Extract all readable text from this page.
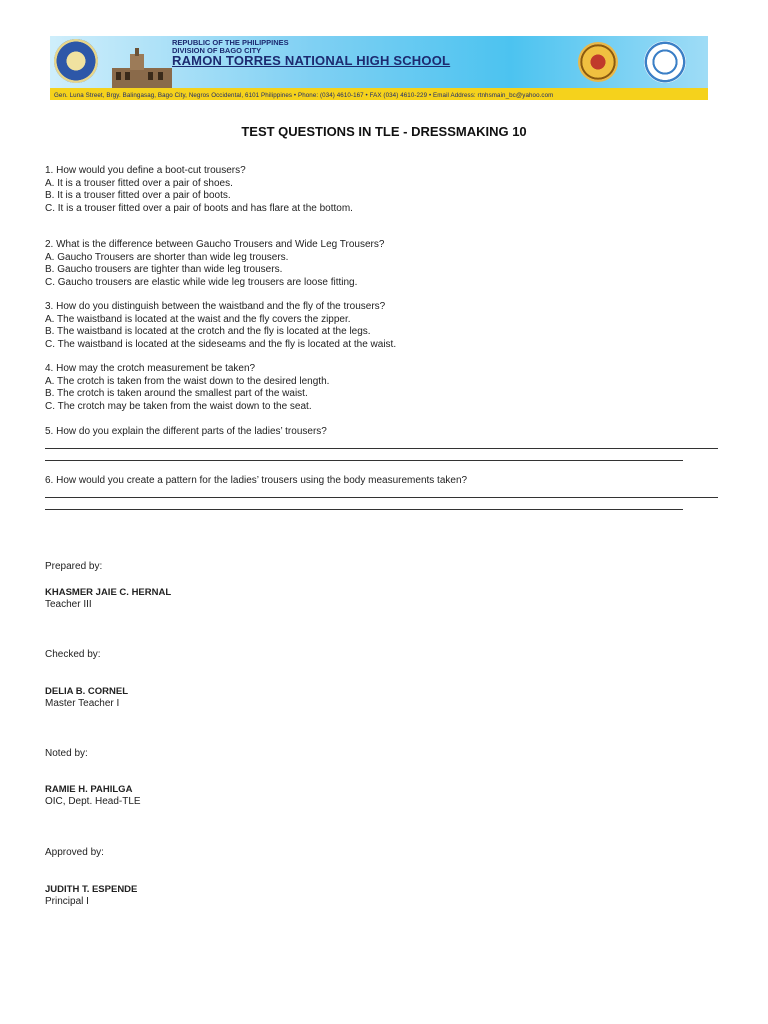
REPUBLIC OF THE PHILIPPINES
DIVISION OF BAGO CITY
RAMON TORRES NATIONAL HIGH SCHOOL
Gen. Luna Street, Brgy. Balingasag, Bago City, Negros Occidental, 6101 Philippines • Phone: (034) 4610-167 • FAX (034) 4610-229 • Email Address: rtnhsmain_bc@yahoo.com
TEST QUESTIONS IN TLE - DRESSMAKING 10
1. How would you define a boot-cut trousers?
A. It is a trouser fitted over a pair of shoes.
B. It is a trouser fitted over a pair of boots.
C. It is a trouser fitted over a pair of boots and has flare at the bottom.
2. What is the difference between Gaucho Trousers and Wide Leg Trousers?
A. Gaucho Trousers are shorter than wide leg trousers.
B. Gaucho trousers are tighter than wide leg trousers.
C. Gaucho trousers are elastic while wide leg trousers are loose fitting.
3. How do you distinguish between the waistband and the fly of the trousers?
A. The waistband is located at the waist and the fly covers the zipper.
B. The waistband is located at the crotch and the fly is located at the legs.
C. The waistband is located at the sideseams and the fly is located at the waist.
4. How may the crotch measurement be taken?
A. The crotch is taken from the waist down to the desired length.
B. The crotch is taken around the smallest part of the waist.
C. The crotch may be taken from the waist down to the seat.
5. How do you explain the different parts of the ladies’ trousers?
6. How would you create a pattern for the ladies’ trousers using the body measurements taken?
Prepared by:
KHASMER JAIE C. HERNAL
Teacher III
Checked by:
DELIA B. CORNEL
Master Teacher I
Noted by:
RAMIE H. PAHILGA
OIC, Dept. Head-TLE
Approved by:
JUDITH T. ESPENDE
Principal I
